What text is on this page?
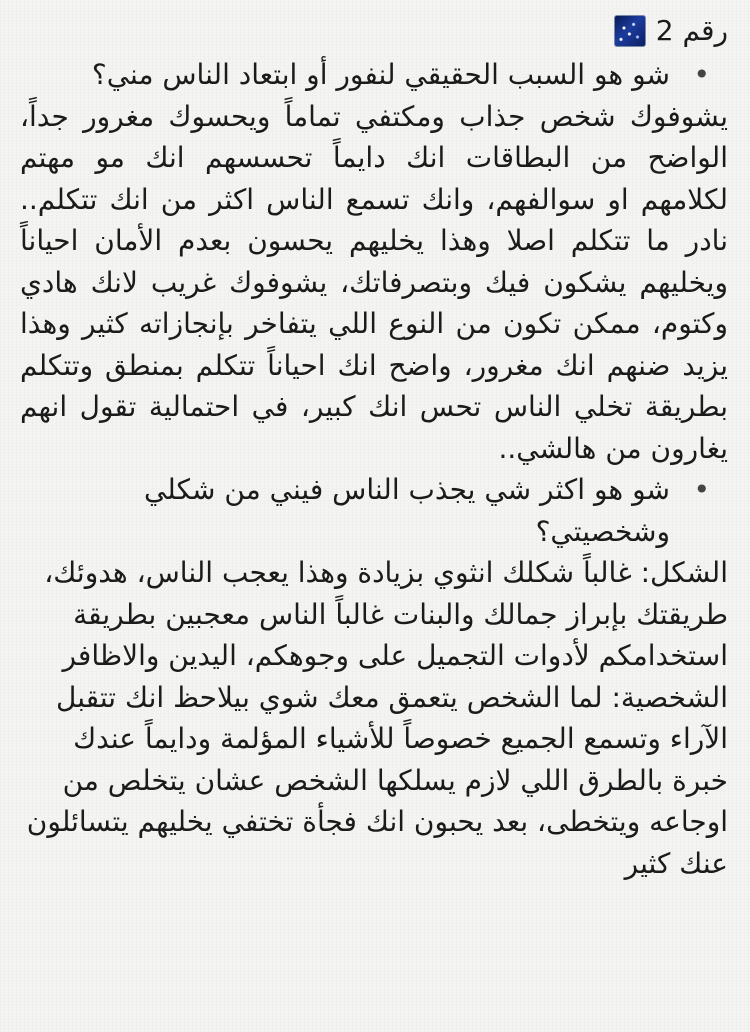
رقم 2

• شو هو السبب الحقيقي لنفور أو ابتعاد الناس مني؟

يشوفوك شخص جذاب ومكتفي تماماً ويحسوك مغرور جداً، الواضح من البطاقات انك دايماً تحسسهم انك مو مهتم لكلامهم او سوالفهم، وانك تسمع الناس اكثر من انك تتكلم.. نادر ما تتكلم اصلا وهذا يخليهم يحسون بعدم الأمان احياناً ويخليهم يشكون فيك وبتصرفاتك، يشوفوك غريب لانك هادي وكتوم، ممكن تكون من النوع اللي يتفاخر بإنجازاته كثير وهذا يزيد ضنهم انك مغرور، واضح انك احياناً تتكلم بمنطق وتتكلم بطريقة تخلي الناس تحس انك كبير، في احتمالية تقول انهم يغارون من هالشي..

• شو هو اكثر شي يجذب الناس فيني من شكلي وشخصيتي؟

الشكل: غالباً شكلك انثوي بزيادة وهذا يعجب الناس، هدوئك، طريقتك بإبراز جمالك والبنات غالباً الناس معجبين بطريقة استخدامكم لأدوات التجميل على وجوهكم، اليدين والاظافر

الشخصية: لما الشخص يتعمق معك شوي بيلاحظ انك تتقبل الآراء وتسمع الجميع خصوصاً للأشياء المؤلمة ودايماً عندك خبرة بالطرق اللي لازم يسلكها الشخص عشان يتخلص من اوجاعه ويتخطى، بعد يحبون انك فجأة تختفي يخليهم يتسائلون عنك كثير
